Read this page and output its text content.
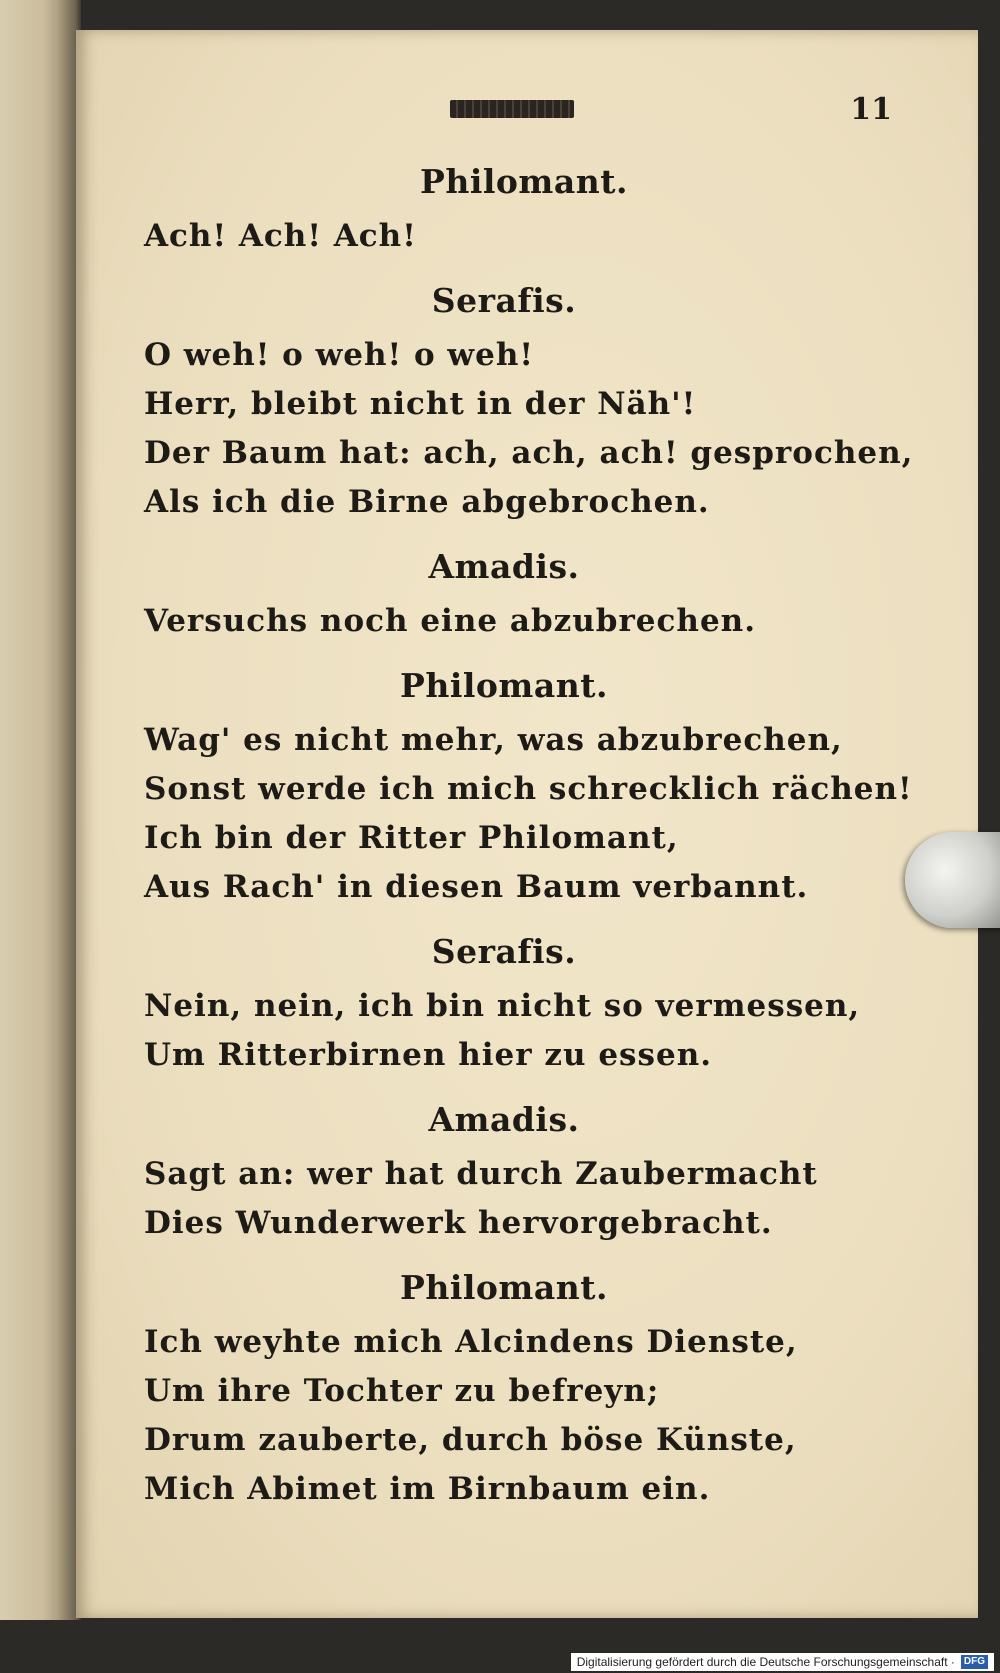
11
Philomant.
Ach! Ach! Ach!
Serafis.
O weh! o weh! o weh!
Herr, bleibt nicht in der Näh'!
Der Baum hat: ach, ach, ach! gesprochen,
Als ich die Birne abgebrochen.
Amadis.
Versuchs noch eine abzubrechen.
Philomant.
Wag' es nicht mehr, was abzubrechen,
Sonst werde ich mich schrecklich rächen!
Ich bin der Ritter Philomant,
Aus Rach' in diesen Baum verbannt.
Serafis.
Nein, nein, ich bin nicht so vermessen,
Um Ritterbirnen hier zu essen.
Amadis.
Sagt an: wer hat durch Zaubermacht
Dies Wunderwerk hervorgebracht.
Philomant.
Ich weyhte mich Alcindens Dienste,
Um ihre Tochter zu befreyn;
Drum zauberte, durch böse Künste,
Mich Abimet im Birnbaum ein.
Digitalisierung gefördert durch die Deutsche Forschungsgemeinschaft · DFG
